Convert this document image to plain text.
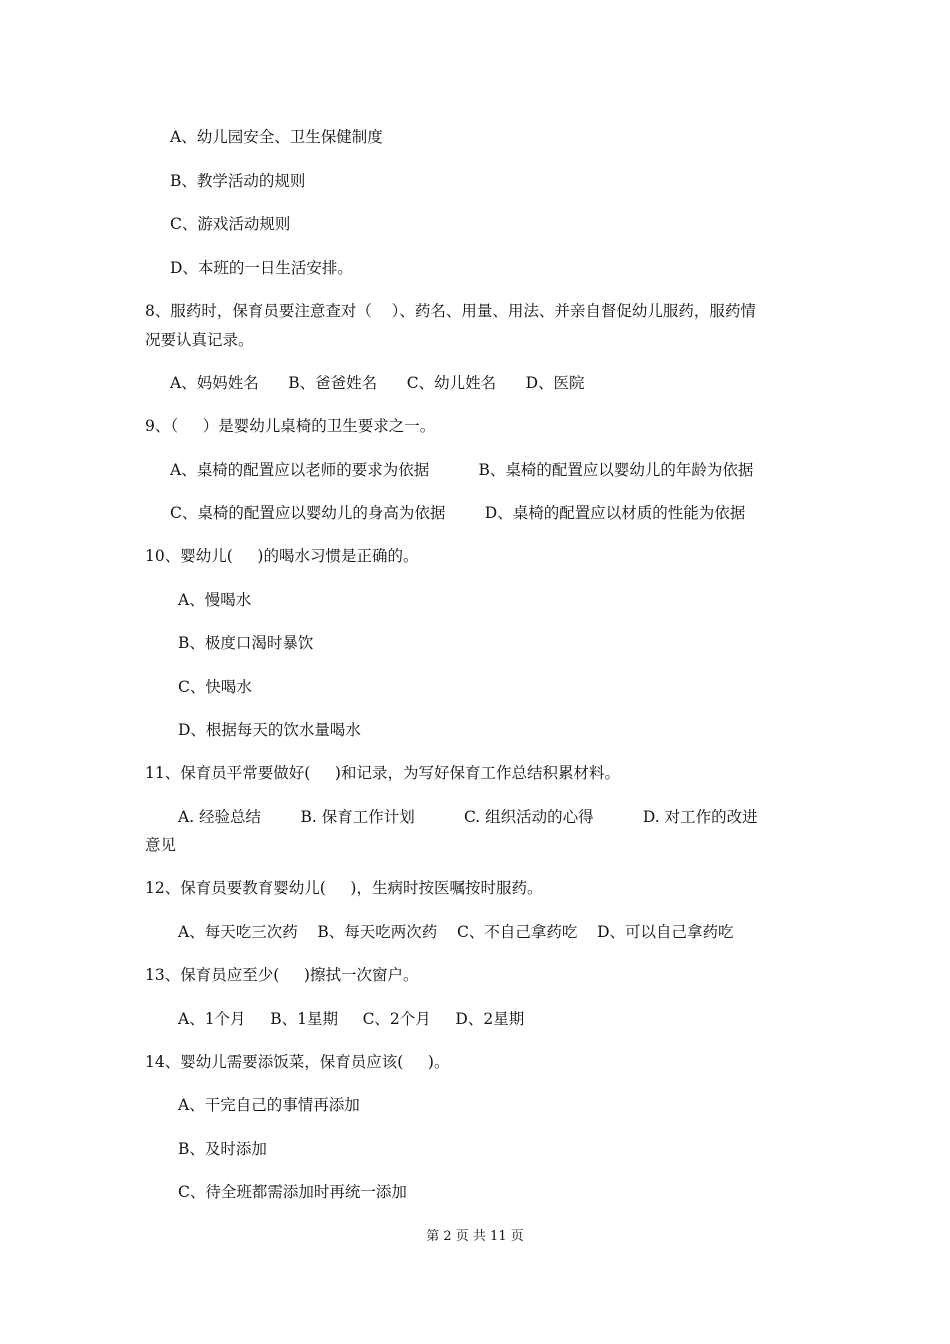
A、幼儿园安全、卫生保健制度
B、教学活动的规则
C、游戏活动规则
D、本班的一日生活安排。
8、服药时，保育员要注意查对（    ）、药名、用量、用法、并亲自督促幼儿服药，服药情
况要认真记录。
A、妈妈姓名      B、爸爸姓名      C、幼儿姓名      D、医院
9、（     ）是婴幼儿桌椅的卫生要求之一。
A、桌椅的配置应以老师的要求为依据          B、桌椅的配置应以婴幼儿的年龄为依据
C、桌椅的配置应以婴幼儿的身高为依据        D、桌椅的配置应以材质的性能为依据
10、婴幼儿(     )的喝水习惯是正确的。
A、慢喝水
B、极度口渴时暴饮
C、快喝水
D、根据每天的饮水量喝水
11、保育员平常要做好(     )和记录，为写好保育工作总结积累材料。
A. 经验总结        B. 保育工作计划          C. 组织活动的心得          D. 对工作的改进
意见
12、保育员要教育婴幼儿(     )，生病时按医嘱按时服药。
A、每天吃三次药    B、每天吃两次药    C、不自己拿药吃    D、可以自己拿药吃
13、保育员应至少(     )擦拭一次窗户。
A、1个月     B、1星期     C、2个月     D、2星期
14、婴幼儿需要添饭菜，保育员应该(     )。
A、干完自己的事情再添加
B、及时添加
C、待全班都需添加时再统一添加
第 2 页 共 11 页
